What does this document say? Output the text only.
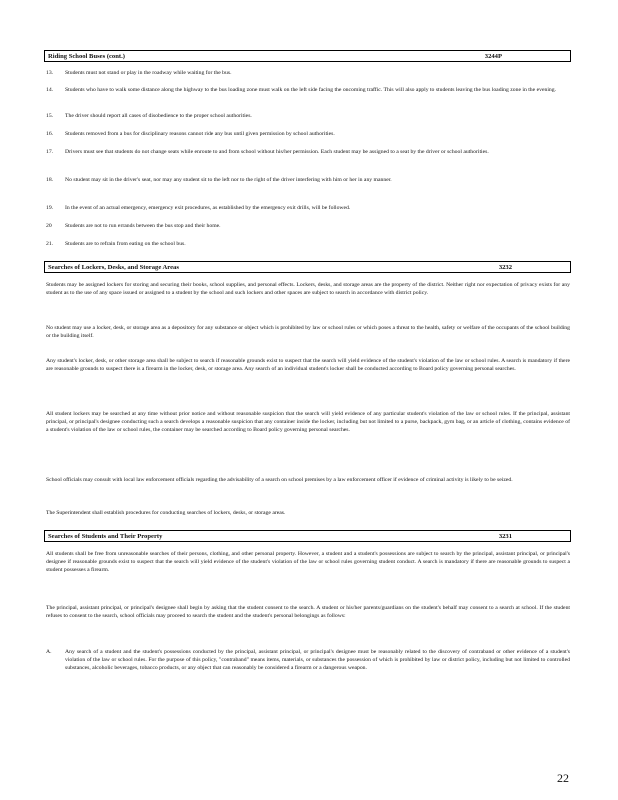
Riding School Buses (cont.)	3244P
13.	Students must not stand or play in the roadway while waiting for the bus.
14.	Students who have to walk some distance along the highway to the bus loading zone must walk on the left side facing the oncoming traffic. This will also apply to students leaving the bus loading zone in the evening.
15.	The driver should report all cases of disobedience to the proper school authorities.
16.	Students removed from a bus for disciplinary reasons cannot ride any bus until given permission by school authorities.
17.	Drivers must see that students do not change seats while enroute to and from school without his/her permission. Each student may be assigned to a seat by the driver or school authorities.
18.	No student may sit in the driver's seat, nor may any student sit to the left nor to the right of the driver interfering with him or her in any manner.
19.	In the event of an actual emergency, emergency exit procedures, as established by the emergency exit drills, will be followed.
20	Students are not to run errands between the bus stop and their home.
21.	Students are to refrain from eating on the school bus.
Searches of Lockers, Desks, and Storage Areas	3232
Students may be assigned lockers for storing and securing their books, school supplies, and personal effects. Lockers, desks, and storage areas are the property of the district. Neither right nor expectation of privacy exists for any student as to the use of any space issued or assigned to a student by the school and such lockers and other spaces are subject to search in accordance with district policy.
No student may use a locker, desk, or storage area as a depository for any substance or object which is prohibited by law or school rules or which poses a threat to the health, safety or welfare of the occupants of the school building or the building itself.
Any student's locker, desk, or other storage area shall be subject to search if reasonable grounds exist to suspect that the search will yield evidence of the student's violation of the law or school rules. A search is mandatory if there are reasonable grounds to suspect there is a firearm in the locker, desk, or storage area. Any search of an individual student's locker shall be conducted according to Board policy governing personal searches.
All student lockers may be searched at any time without prior notice and without reasonable suspicion that the search will yield evidence of any particular student's violation of the law or school rules. If the principal, assistant principal, or principal's designee conducting such a search develops a reasonable suspicion that any container inside the locker, including but not limited to a purse, backpack, gym bag, or an article of clothing, contains evidence of a student's violation of the law or school rules, the container may be searched according to Board policy governing personal searches.
School officials may consult with local law enforcement officials regarding the advisability of a search on school premises by a law enforcement officer if evidence of criminal activity is likely to be seized.
The Superintendent shall establish procedures for conducting searches of lockers, desks, or storage areas.
Searches of Students and Their Property	3231
All students shall be free from unreasonable searches of their persons, clothing, and other personal property. However, a student and a student's possessions are subject to search by the principal, assistant principal, or principal's designee if reasonable grounds exist to suspect that the search will yield evidence of the student's violation of the law or school rules governing student conduct. A search is mandatory if there are reasonable grounds to suspect a student possesses a firearm.
The principal, assistant principal, or principal's designee shall begin by asking that the student consent to the search. A student or his/her parents/guardians on the student's behalf may consent to a search at school. If the student refuses to consent to the search, school officials may proceed to search the student and the student's personal belongings as follows:
A.	Any search of a student and the student's possessions conducted by the principal, assistant principal, or principal's designee must be reasonably related to the discovery of contraband or other evidence of a student's violation of the law or school rules. For the purpose of this policy, "contraband" means items, materials, or substances the possession of which is prohibited by law or district policy, including but not limited to controlled substances, alcoholic beverages, tobacco products, or any object that can reasonably be considered a firearm or a dangerous weapon.
22
